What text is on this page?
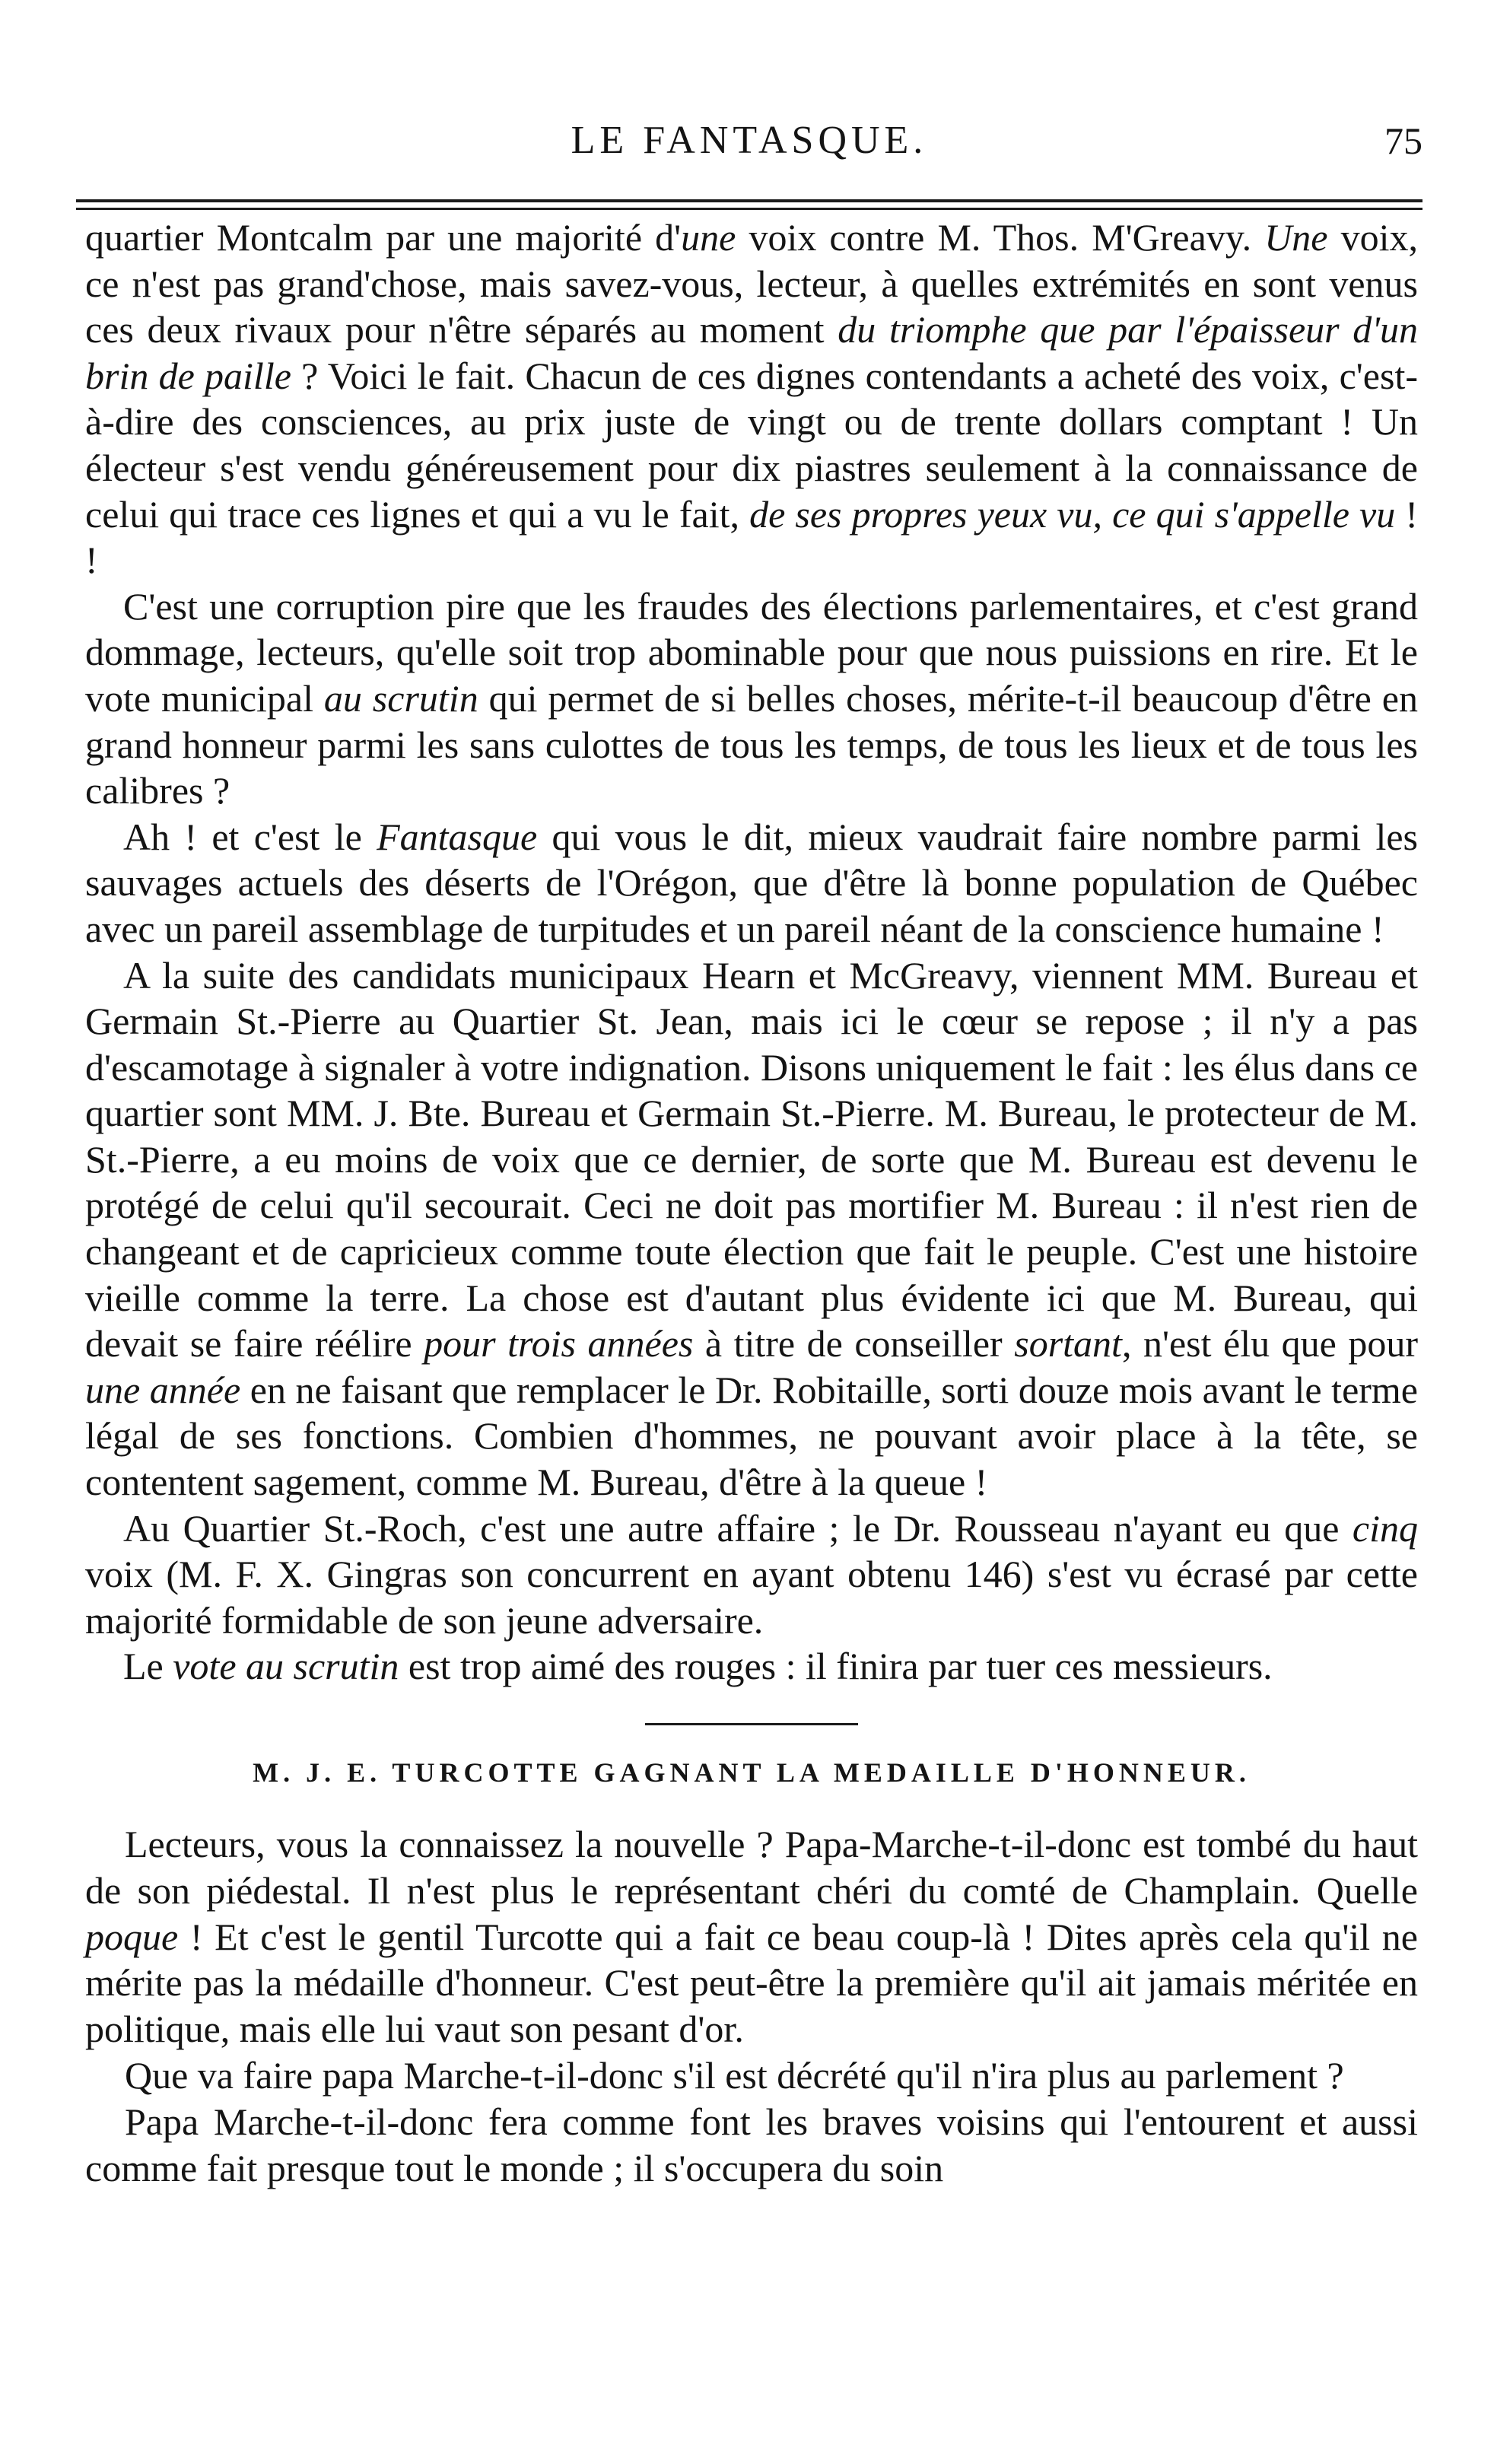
LE FANTASQUE.	75

quartier Montcalm par une majorité d'une voix contre M. Thos. M'Greavy. Une voix, ce n'est pas grand'chose, mais savez-vous, lecteur, à quelles extrémités en sont venus ces deux rivaux pour n'être séparés au moment du triomphe que par l'épaisseur d'un brin de paille ? Voici le fait. Chacun de ces dignes contendants a acheté des voix, c'est-à-dire des consciences, au prix juste de vingt ou de trente dollars comptant ! Un électeur s'est vendu généreusement pour dix piastres seulement à la connaissance de celui qui trace ces lignes et qui a vu le fait, de ses propres yeux vu, ce qui s'appelle vu ! !

C'est une corruption pire que les fraudes des élections parlementaires, et c'est grand dommage, lecteurs, qu'elle soit trop abominable pour que nous puissions en rire. Et le vote municipal au scrutin qui permet de si belles choses, mérite-t-il beaucoup d'être en grand honneur parmi les sans culottes de tous les temps, de tous les lieux et de tous les calibres ?

Ah ! et c'est le Fantasque qui vous le dit, mieux vaudrait faire nombre parmi les sauvages actuels des déserts de l'Orégon, que d'être là bonne population de Québec avec un pareil assemblage de turpitudes et un pareil néant de la conscience humaine !

A la suite des candidats municipaux Hearn et McGreavy, viennent MM. Bureau et Germain St.-Pierre au Quartier St. Jean, mais ici le cœur se repose ; il n'y a pas d'escamotage à signaler à votre indignation. Disons uniquement le fait : les élus dans ce quartier sont MM. J. Bte. Bureau et Germain St.-Pierre. M. Bureau, le protecteur de M. St.-Pierre, a eu moins de voix que ce dernier, de sorte que M. Bureau est devenu le protégé de celui qu'il secourait. Ceci ne doit pas mortifier M. Bureau : il n'est rien de changeant et de capricieux comme toute élection que fait le peuple. C'est une histoire vieille comme la terre. La chose est d'autant plus évidente ici que M. Bureau, qui devait se faire réélire pour trois années à titre de conseiller sortant, n'est élu que pour une année en ne faisant que remplacer le Dr. Robitaille, sorti douze mois avant le terme légal de ses fonctions. Combien d'hommes, ne pouvant avoir place à la tête, se contentent sagement, comme M. Bureau, d'être à la queue !

Au Quartier St.-Roch, c'est une autre affaire ; le Dr. Rousseau n'ayant eu que cinq voix (M. F. X. Gingras son concurrent en ayant obtenu 146) s'est vu écrasé par cette majorité formidable de son jeune adversaire.

Le vote au scrutin est trop aimé des rouges : il finira par tuer ces messieurs.

M. J. E. TURCOTTE GAGNANT LA MEDAILLE D'HONNEUR.

Lecteurs, vous la connaissez la nouvelle ? Papa-Marche-t-il-donc est tombé du haut de son piédestal. Il n'est plus le représentant chéri du comté de Champlain. Quelle poque ! Et c'est le gentil Turcotte qui a fait ce beau coup-là ! Dites après cela qu'il ne mérite pas la médaille d'honneur. C'est peut-être la première qu'il ait jamais méritée en politique, mais elle lui vaut son pesant d'or.

Que va faire papa Marche-t-il-donc s'il est décrété qu'il n'ira plus au parlement ?

Papa Marche-t-il-donc fera comme font les braves voisins qui l'entourent et aussi comme fait presque tout le monde ; il s'occupera du soin
